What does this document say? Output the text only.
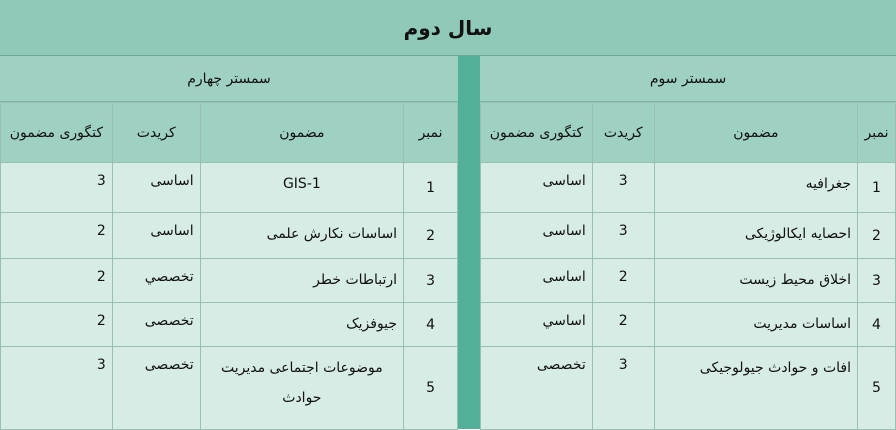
سال دوم
سمستر سوم
نمبر	مضمون	کریدت	کتگوری مضمون
1	جغرافیه	3	اساسی
2	احصایه ایکالوژیکی	3	اساسی
3	اخلاق محیط زیست	2	اساسی
4	اساسات مدیریت	2	اساسي
5	افات و حوادث جیولوجیکی	3	تخصصی
سمستر چهارم
نمبر	مضمون	کریدت	کتگوری مضمون
1	GIS-1	اساسی	3
2	اساسات نکارش علمی	اساسی	2
3	ارتباطات خطر	تخصصي	2
4	جیوفزیک	تخصصی	2
5	موضوعات اجتماعی مدیریت حوادث	تخصصی	3
